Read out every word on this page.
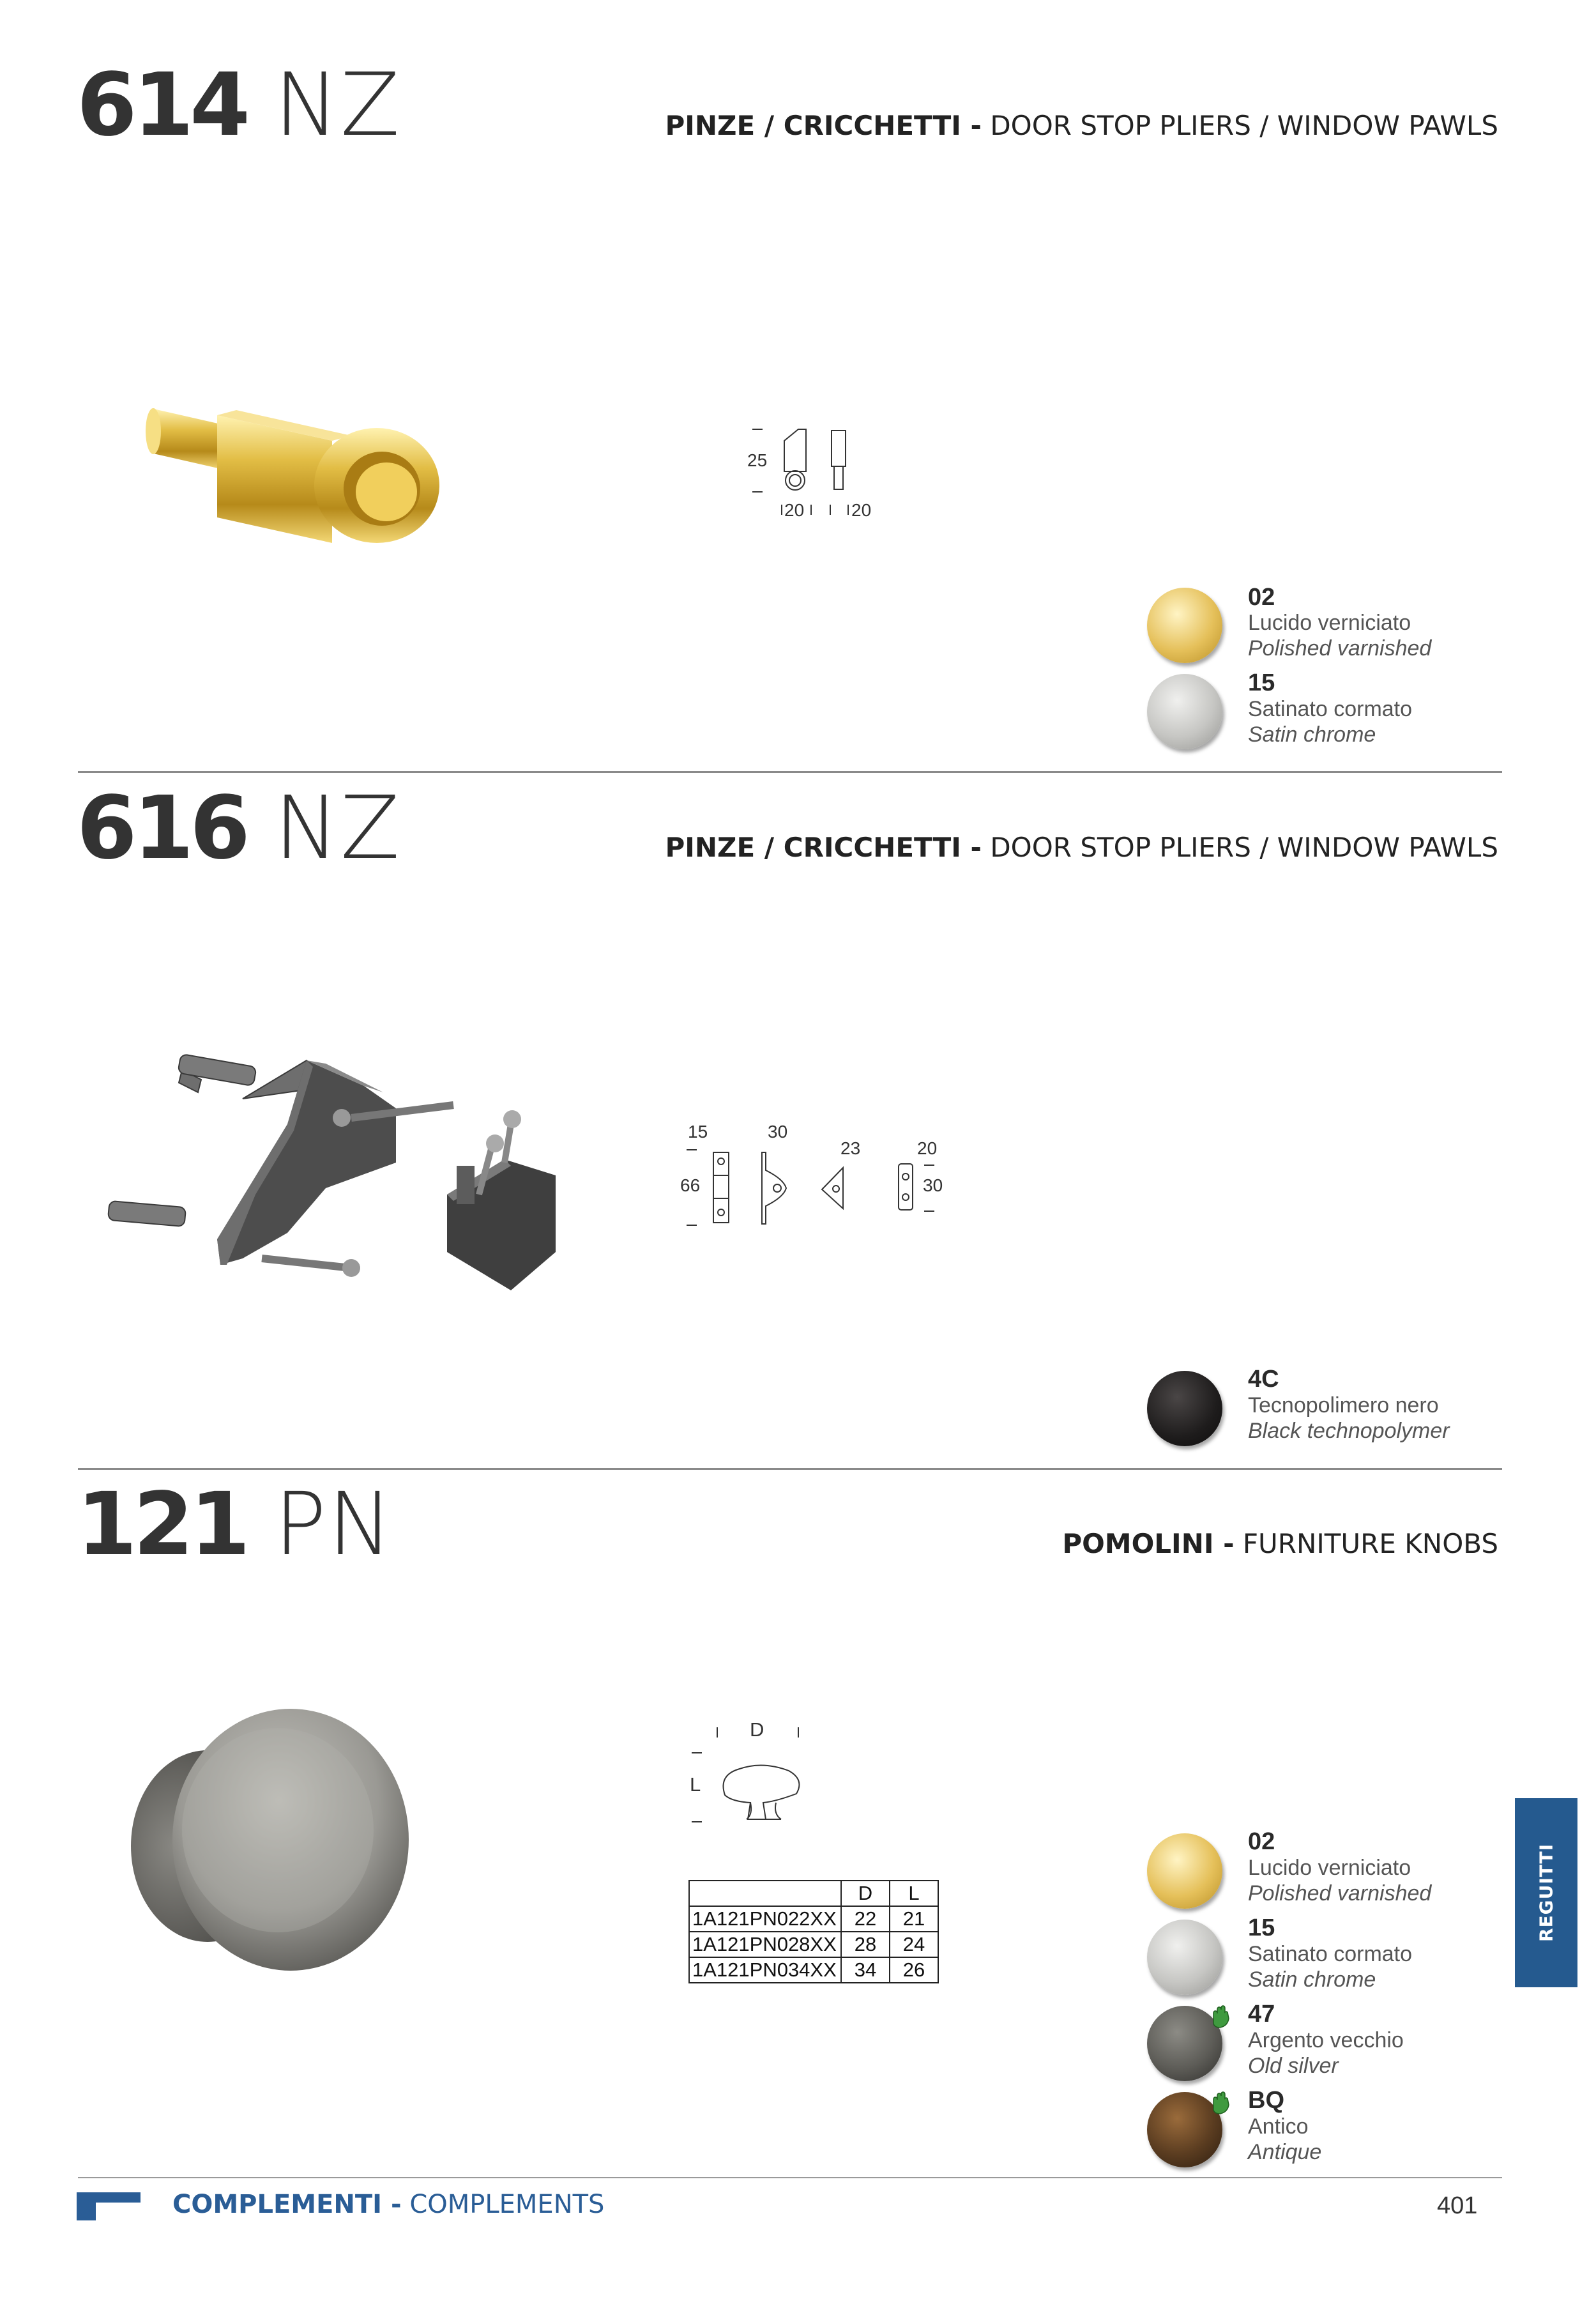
614 NZ	PINZE / CRICCHETTI - DOOR STOP PLIERS / WINDOW PAWLS
25
20	20
02
Lucido verniciato
Polished varnished
15
Satinato cormato
Satin chrome
616 NZ	PINZE / CRICCHETTI - DOOR STOP PLIERS / WINDOW PAWLS
15	30
23	20
66	30
4C
Tecnopolimero nero
Black technopolymer
121 PN	POMOLINI - FURNITURE KNOBS
D
L
	D	L
1A121PN022XX	22	21
1A121PN028XX	28	24
1A121PN034XX	34	26
02
Lucido verniciato
Polished varnished
15
Satinato cormato
Satin chrome
47
Argento vecchio
Old silver
BQ
Antico
Antique
REGUITTI
COMPLEMENTI - COMPLEMENTS	401
